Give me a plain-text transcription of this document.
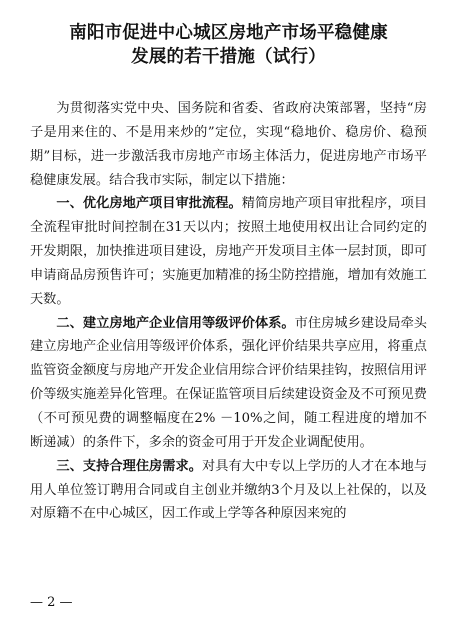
南阳市促进中心城区房地产市场平稳健康
发展的若干措施（试行）

为贯彻落实党中央、国务院和省委、省政府决策部署，坚持“房子是用来住的、不是用来炒的”定位，实现“稳地价、稳房价、稳预期”目标，进一步激活我市房地产市场主体活力，促进房地产市场平稳健康发展。结合我市实际，制定以下措施：

一、优化房地产项目审批流程。精简房地产项目审批程序，项目全流程审批时间控制在31天以内；按照土地使用权出让合同约定的开发期限，加快推进项目建设，房地产开发项目主体一层封顶，即可申请商品房预售许可；实施更加精准的扬尘防控措施，增加有效施工天数。

二、建立房地产企业信用等级评价体系。市住房城乡建设局牵头建立房地产企业信用等级评价体系，强化评价结果共享应用，将重点监管资金额度与房地产开发企业信用综合评价结果挂钩，按照信用评价等级实施差异化管理。在保证监管项目后续建设资金及不可预见费（不可预见费的调整幅度在2% －10%之间，随工程进度的增加不断递减）的条件下，多余的资金可用于开发企业调配使用。

三、支持合理住房需求。对具有大中专以上学历的人才在本地与用人单位签订聘用合同或自主创业并缴纳3个月及以上社保的，以及对原籍不在中心城区，因工作或上学等各种原因来宛的

— 2 —
